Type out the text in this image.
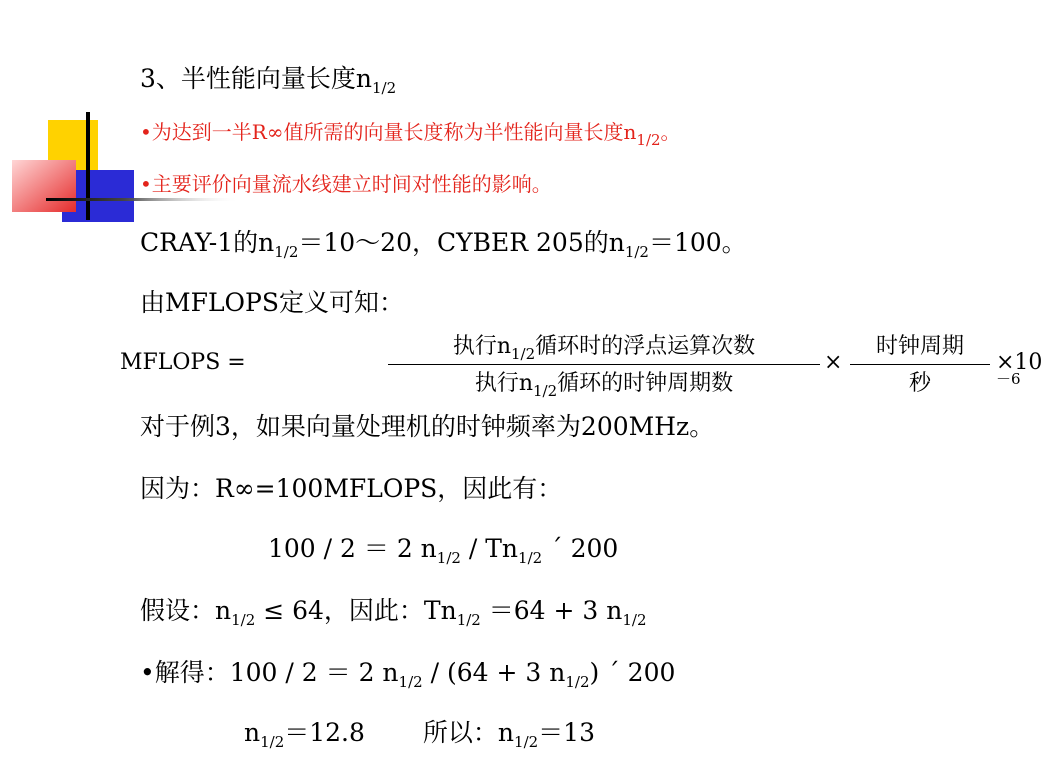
3、半性能向量长度$n_{1/2}$
•为达到一半R∞值所需的向量长度称为半性能向量长度$n_{1/2}$。
•主要评价向量流水线建立时间对性能的影响。
CRAY-1的$n_{1/2}=10\sim 20$，CYBER 205的$n_{1/2}=100$。
由MFLOPS定义可知：
MFLOPS =
执行$n_{1/2}$循环时的浮点运算次数
执行$n_{1/2}$循环的时钟周期数
×
时钟周期
秒
$\times 10^{-6}$
对于例3，如果向量处理机的时钟频率为200MHz。
因为：R∞=100MFLOPS，因此有：
100 / 2 ＝ 2 $n_{1/2} / Tn_{1/2}$ ´ 200
假设：$n_{1/2} \le 64$，因此：$Tn_{1/2} =64 + 3$ $n_{1/2}$
•解得：100 / 2 ＝ 2 $n_{1/2} / (64 + 3$ $n_{1/2}$) ´ 200
$n_{1/2}=12.8$ 所以：$n_{1/2}=13$
